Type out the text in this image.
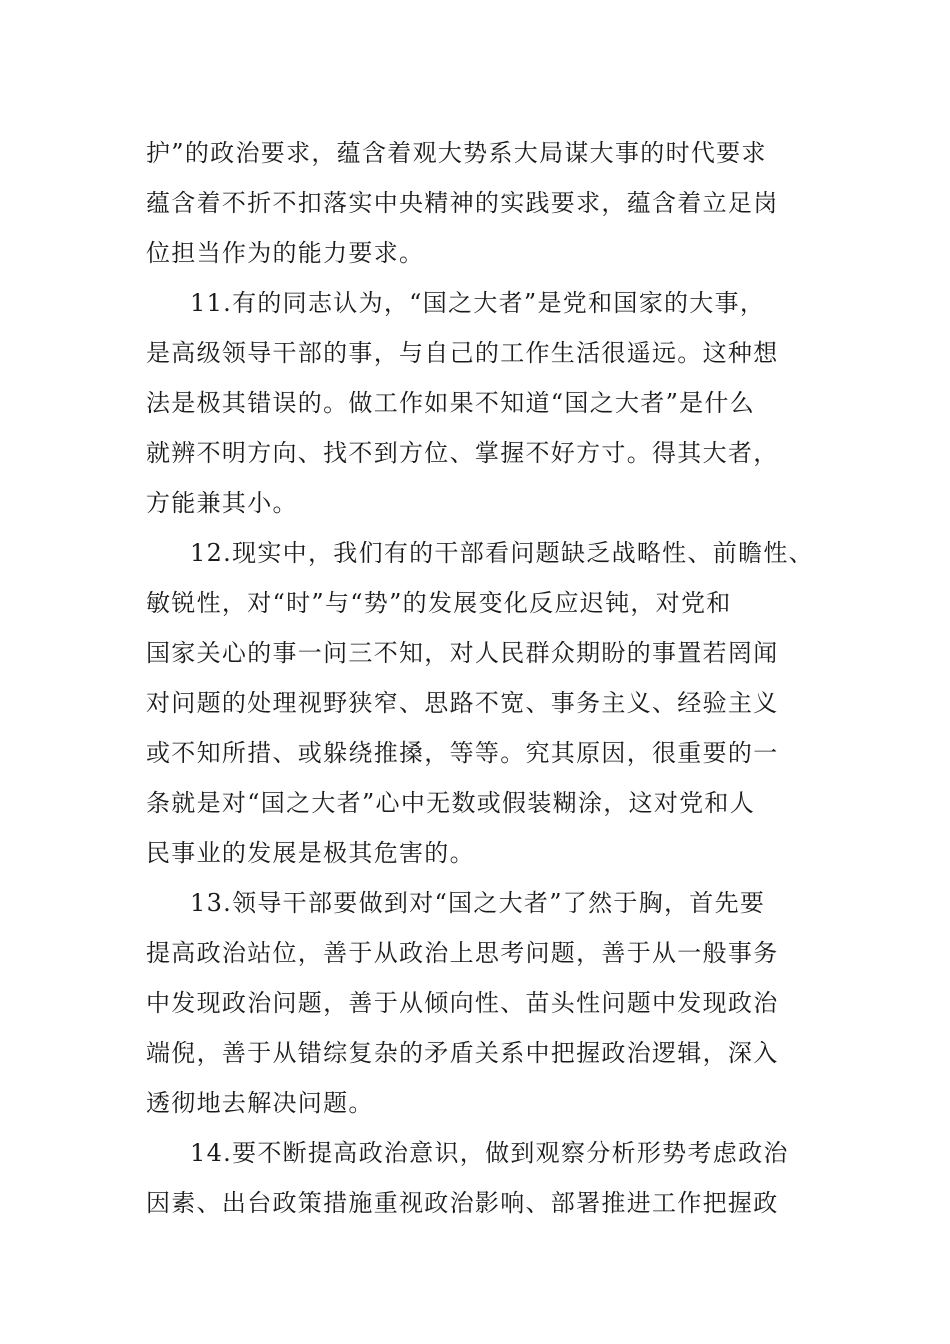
护”的政治要求，蕴含着观大势系大局谋大事的时代要求
蕴含着不折不扣落实中央精神的实践要求，蕴含着立足岗
位担当作为的能力要求。
11.有的同志认为，“国之大者”是党和国家的大事，
是高级领导干部的事，与自己的工作生活很遥远。这种想
法是极其错误的。做工作如果不知道“国之大者”是什么
就辨不明方向、找不到方位、掌握不好方寸。得其大者，
方能兼其小。
12.现实中，我们有的干部看问题缺乏战略性、前瞻性、
敏锐性，对“时”与“势”的发展变化反应迟钝，对党和
国家关心的事一问三不知，对人民群众期盼的事置若罔闻
对问题的处理视野狭窄、思路不宽、事务主义、经验主义
或不知所措、或躲绕推搡，等等。究其原因，很重要的一
条就是对“国之大者”心中无数或假装糊涂，这对党和人
民事业的发展是极其危害的。
13.领导干部要做到对“国之大者”了然于胸，首先要
提高政治站位，善于从政治上思考问题，善于从一般事务
中发现政治问题，善于从倾向性、苗头性问题中发现政治
端倪，善于从错综复杂的矛盾关系中把握政治逻辑，深入
透彻地去解决问题。
14.要不断提高政治意识，做到观察分析形势考虑政治
因素、出台政策措施重视政治影响、部署推进工作把握政
